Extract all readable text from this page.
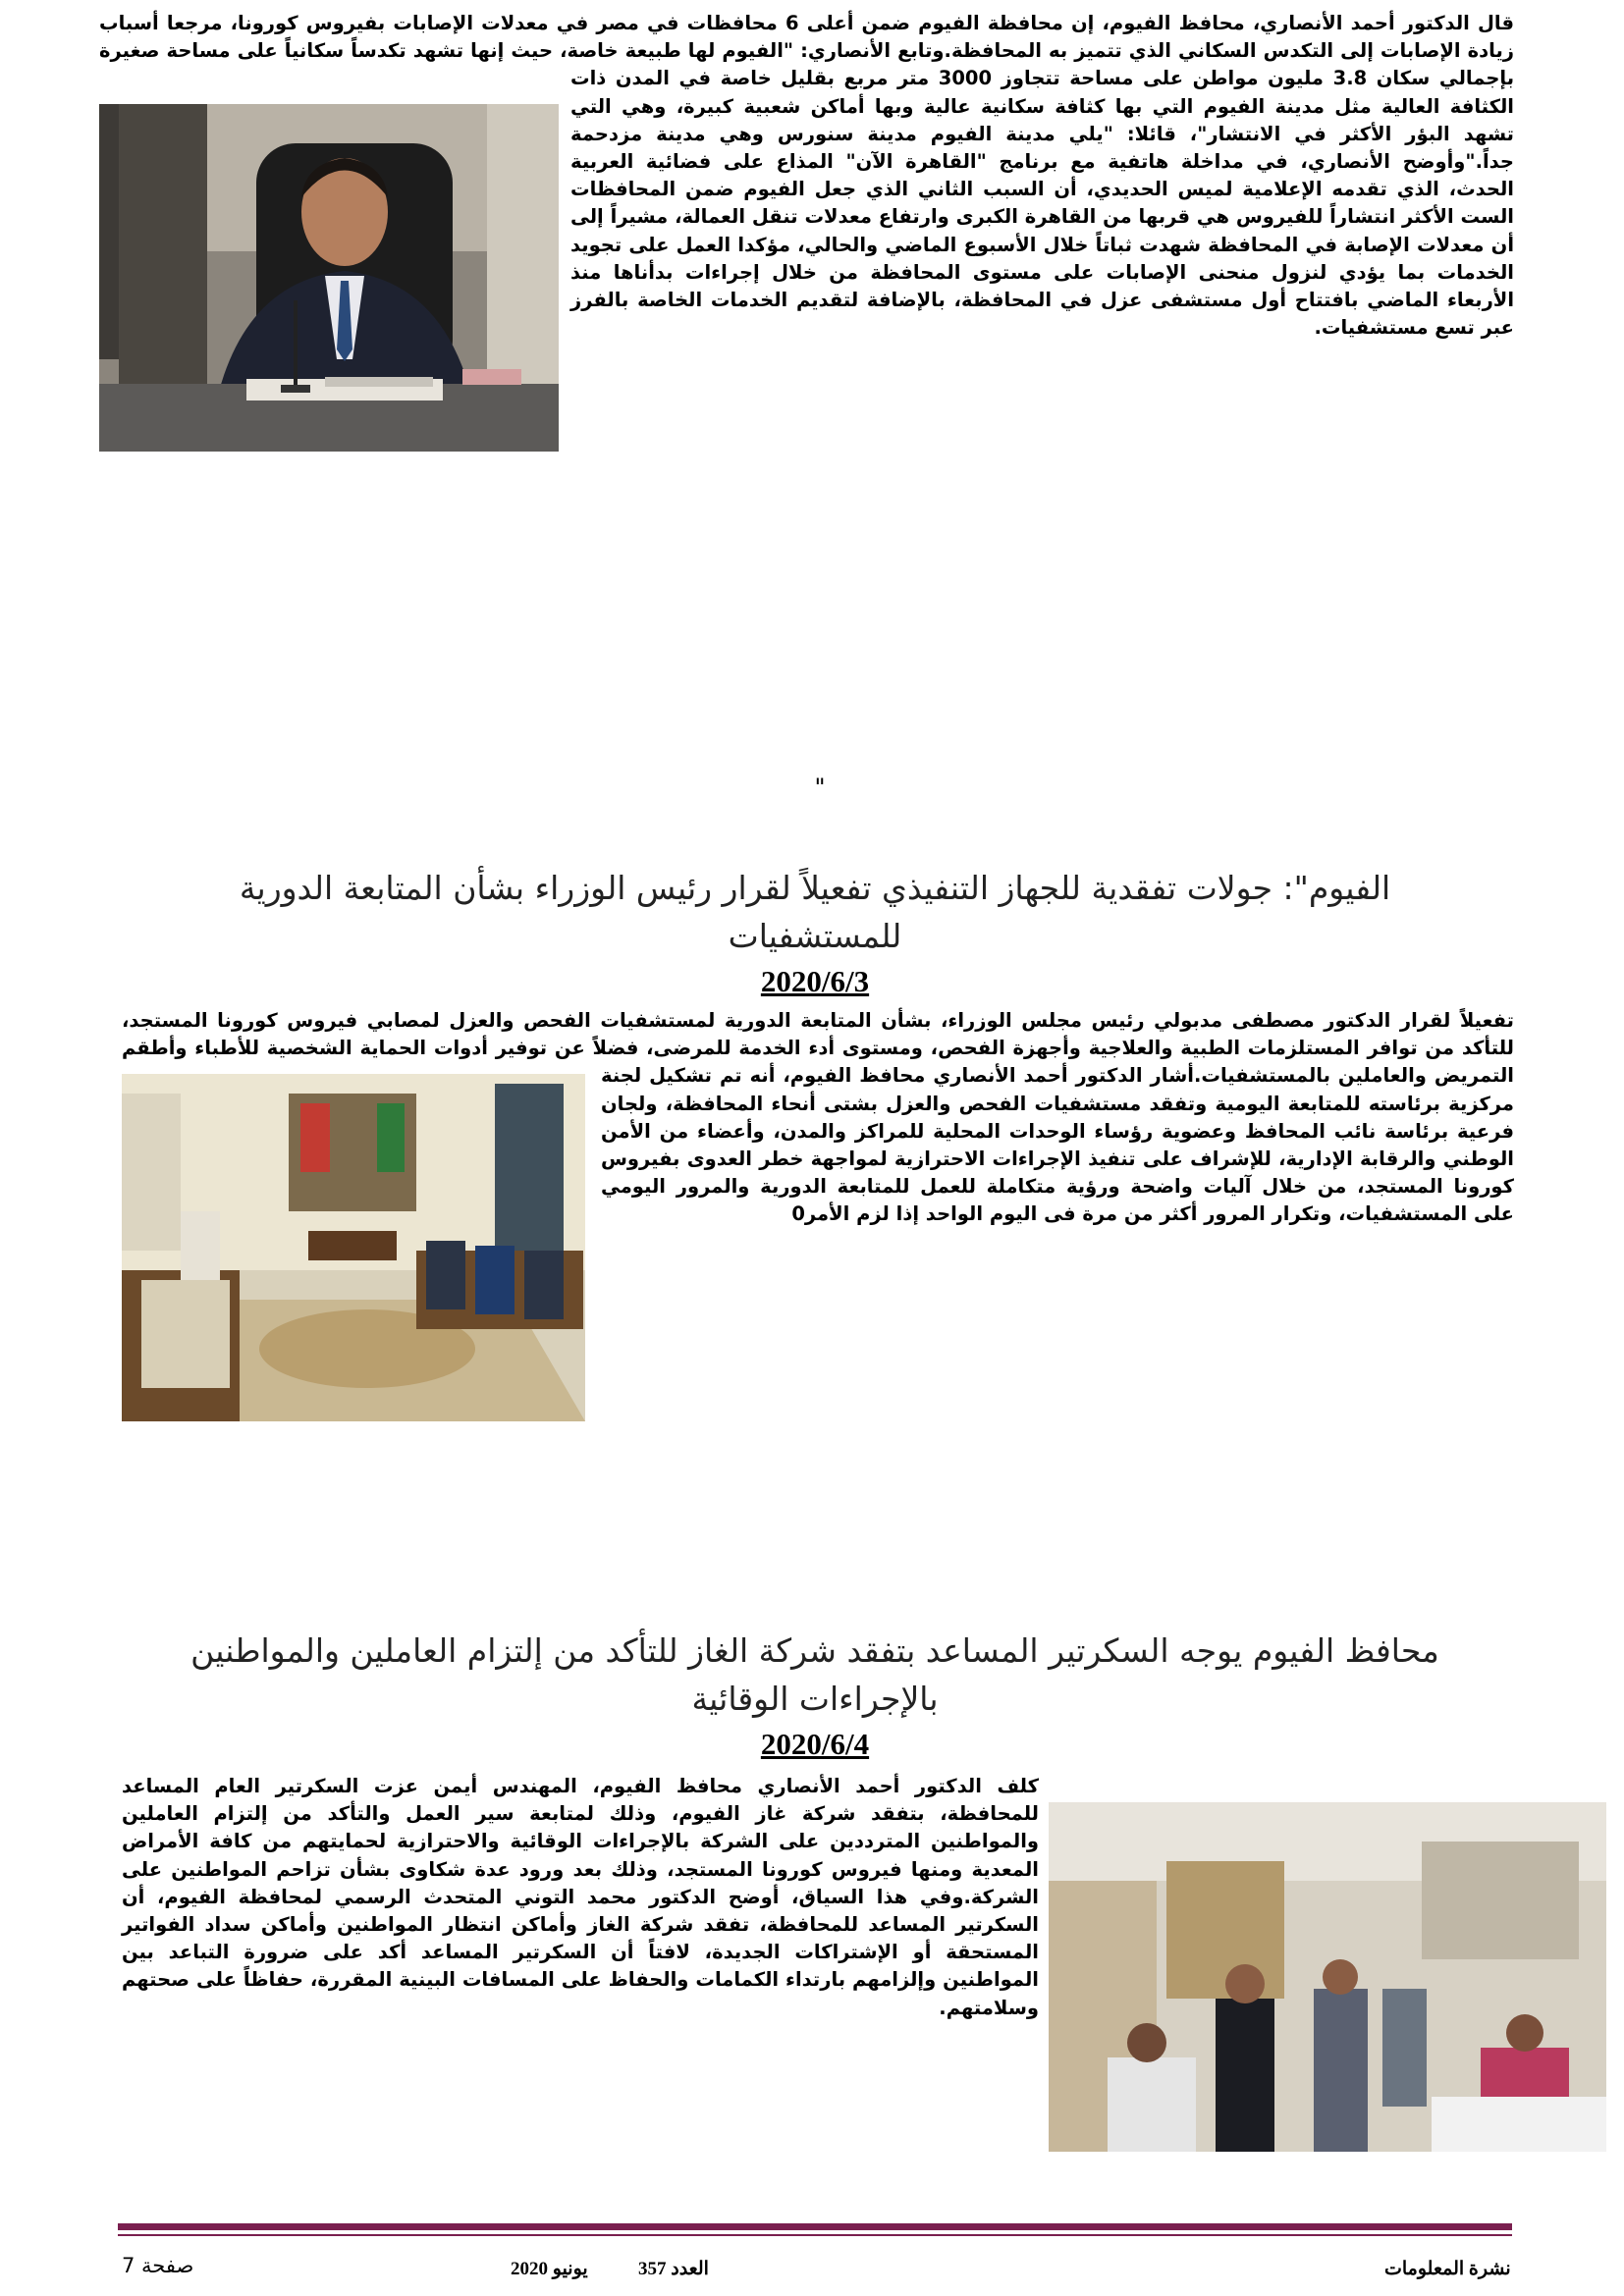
قال الدكتور أحمد الأنصاري، محافظ الفيوم، إن محافظة الفيوم ضمن أعلى 6 محافظات في مصر في معدلات الإصابات بفيروس كورونا، مرجعا أسباب زيادة الإصابات إلى التكدس السكاني الذي تتميز به المحافظة.وتابع الأنصاري: "الفيوم لها طبيعة خاصة، حيث إنها تشهد تكدساً سكانياً على مساحة صغيرة بإجمالي سكان 3.8 مليون مواطن على مساحة تتجاوز 3000 متر مربع بقليل خاصة في المدن ذات الكثافة العالية مثل مدينة الفيوم التي بها كثافة سكانية عالية وبها أماكن شعبية كبيرة، وهي التي تشهد البؤر الأكثر في الانتشار"، قائلا: "يلي مدينة الفيوم مدينة سنورس وهي مدينة مزدحمة جداً."وأوضح الأنصاري، في مداخلة هاتفية مع برنامج "القاهرة الآن" المذاع على فضائية العربية الحدث، الذي تقدمه الإعلامية لميس الحديدي، أن السبب الثاني الذي جعل الفيوم ضمن المحافظات الست الأكثر انتشاراً للفيروس هي قربها من القاهرة الكبرى وارتفاع معدلات تنقل العمالة، مشيراً إلى أن معدلات الإصابة في المحافظة شهدت ثباتاً خلال الأسبوع الماضي والحالي، مؤكدا العمل على تجويد الخدمات بما يؤدي لنزول منحنى الإصابات على مستوى المحافظة من خلال إجراءات بدأناها منذ الأربعاء الماضي بافتتاح أول مستشفى عزل في المحافظة، بالإضافة لتقديم الخدمات الخاصة بالفرز عبر تسع مستشفيات.

"
الفيوم": جولات تفقدية للجهاز التنفيذي تفعيلاً لقرار رئيس الوزراء بشأن المتابعة الدورية للمستشفيات
2020/6/3

تفعيلاً لقرار الدكتور مصطفى مدبولي رئيس مجلس الوزراء، بشأن المتابعة الدورية لمستشفيات الفحص والعزل لمصابي فيروس كورونا المستجد، للتأكد من توافر المستلزمات الطبية والعلاجية وأجهزة الفحص، ومستوى أدء الخدمة للمرضى، فضلاً عن توفير أدوات الحماية الشخصية للأطباء وأطقم التمريض والعاملين بالمستشفيات.أشار الدكتور أحمد الأنصاري محافظ الفيوم، أنه تم تشكيل لجنة مركزية برئاسته للمتابعة اليومية وتفقد مستشفيات الفحص والعزل بشتى أنحاء المحافظة، ولجان فرعية برئاسة نائب المحافظ وعضوية رؤساء الوحدات المحلية للمراكز والمدن، وأعضاء من الأمن الوطني والرقابة الإدارية، للإشراف على تنفيذ الإجراءات الاحترازية لمواجهة خطر العدوى بفيروس كورونا المستجد، من خلال آليات واضحة ورؤية متكاملة للعمل للمتابعة الدورية والمرور اليومي على المستشفيات، وتكرار المرور أكثر من مرة فى اليوم الواحد إذا لزم الأمر0

محافظ الفيوم يوجه السكرتير المساعد بتفقد شركة الغاز للتأكد من إلتزام العاملين والمواطنين بالإجراءات الوقائية
2020/6/4

كلف الدكتور أحمد الأنصاري محافظ الفيوم، المهندس أيمن عزت السكرتير العام المساعد للمحافظة، بتفقد شركة غاز الفيوم، وذلك لمتابعة سير العمل والتأكد من إلتزام العاملين والمواطنين المترددين على الشركة بالإجراءات الوقائية والاحترازية لحمايتهم من كافة الأمراض المعدية ومنها فيروس كورونا المستجد، وذلك بعد ورود عدة شكاوى بشأن تزاحم المواطنين على الشركة.وفي هذا السياق، أوضح الدكتور محمد التوني المتحدث الرسمي لمحافظة الفيوم، أن السكرتير المساعد للمحافظة، تفقد شركة الغاز وأماكن انتظار المواطنين وأماكن سداد الفواتير المستحقة أو الإشتراكات الجديدة، لافتاً أن السكرتير المساعد أكد على ضرورة التباعد بين المواطنين وإلزامهم بارتداء الكمامات والحفاظ على المسافات البينية المقررة، حفاظاً على صحتهم وسلامتهم.

صفحة 7	يونيو 2020	العدد 357	نشرة المعلومات
